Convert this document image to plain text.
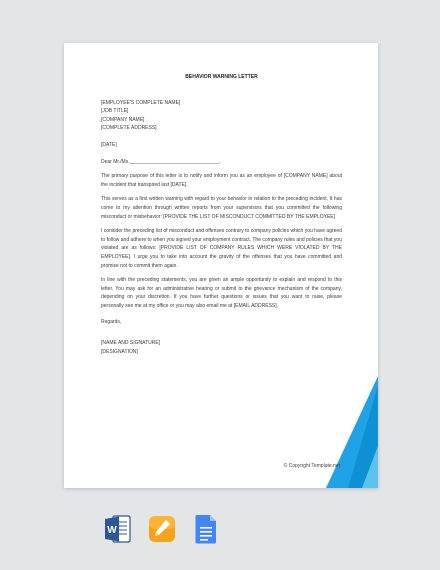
BEHAVIOR WARNING LETTER
[EMPLOYEE'S COMPLETE NAME]
[JOB TITLE]
[COMPANY NAME]
[COMPLETE ADDRESS]
[DATE]
Dear Mr./Ms.________________________________,

The primary purpose of this letter is to notify and inform you as an employee of [COMPANY NAME] about the incident that transpired last [DATE].

This serves as a first written warning with regard to your behavior in relation to the preceding incident. It has come to my attention through written reports from your supervisors that you committed the following misconduct or misbehavior: [PROVIDE THE LIST OF MISCONDUCT COMMITTED BY THE EMPLOYEE]

I consider the preceding list of misconduct and offenses contrary to company policies which you have agreed to follow and adhere to when you signed your employment contract. The company rules and policies that you violated are as follows: [PROVIDE LIST OF COMPANY RULES WHICH WERE VIOLATED BY THE EMPLOYEE]. I urge you to take into account the gravity of the offenses that you have committed and promise not to commit them again.

In line with the preceding statements, you are given an ample opportunity to explain and respond to this letter. You may ask for an administrative hearing or submit to the grievance mechanism of the company, depending on your discretion. If you have further questions or issues that you want to raise, please personally see me at my office or you may also email me at [EMAIL ADDRESS].

Regards,
[NAME AND SIGNATURE]
[DESIGNATION]
© Copyright Template.net
W
